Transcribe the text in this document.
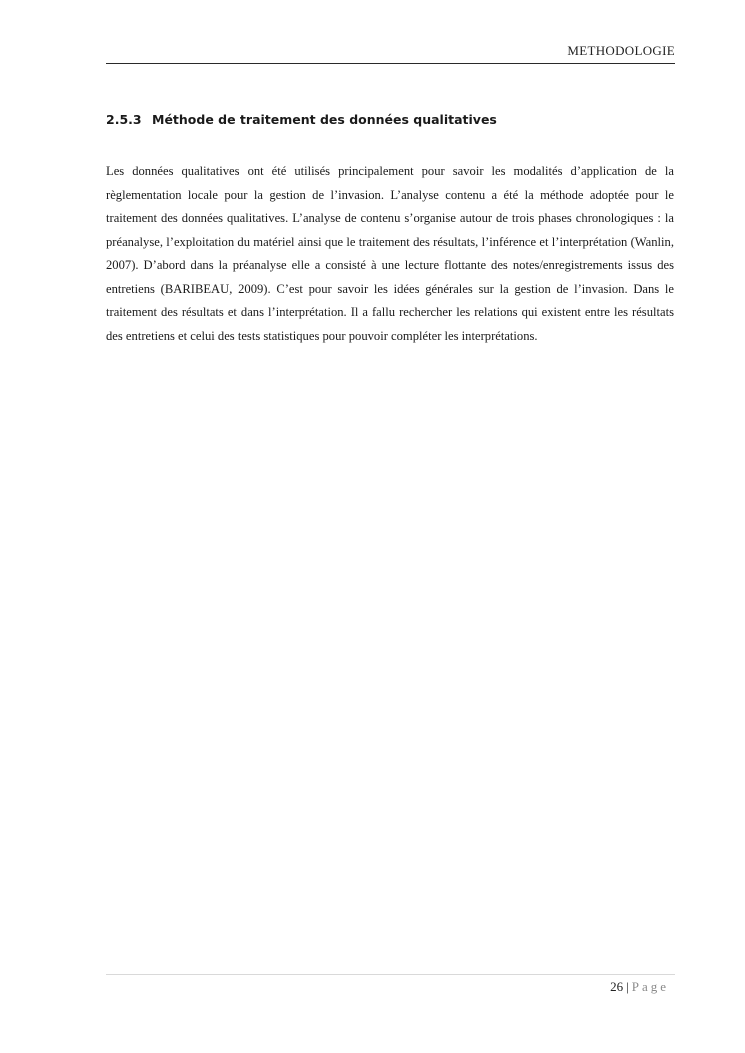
METHODOLOGIE
2.5.3 Méthode de traitement des données qualitatives

Les données qualitatives ont été utilisés principalement pour savoir les modalités d’application de la règlementation locale pour la gestion de l’invasion. L’analyse contenu a été la méthode adoptée pour le traitement des données qualitatives. L’analyse de contenu s’organise autour de trois phases chronologiques : la préanalyse, l’exploitation du matériel ainsi que le traitement des résultats, l’inférence et l’interprétation (Wanlin, 2007). D’abord dans la préanalyse elle a consisté à une lecture flottante des notes/enregistrements issus des entretiens (BARIBEAU, 2009). C’est pour savoir les idées générales sur la gestion de l’invasion. Dans le traitement des résultats et dans l’interprétation. Il a fallu rechercher les relations qui existent entre les résultats des entretiens et celui des tests statistiques pour pouvoir compléter les interprétations.

26 | Page
